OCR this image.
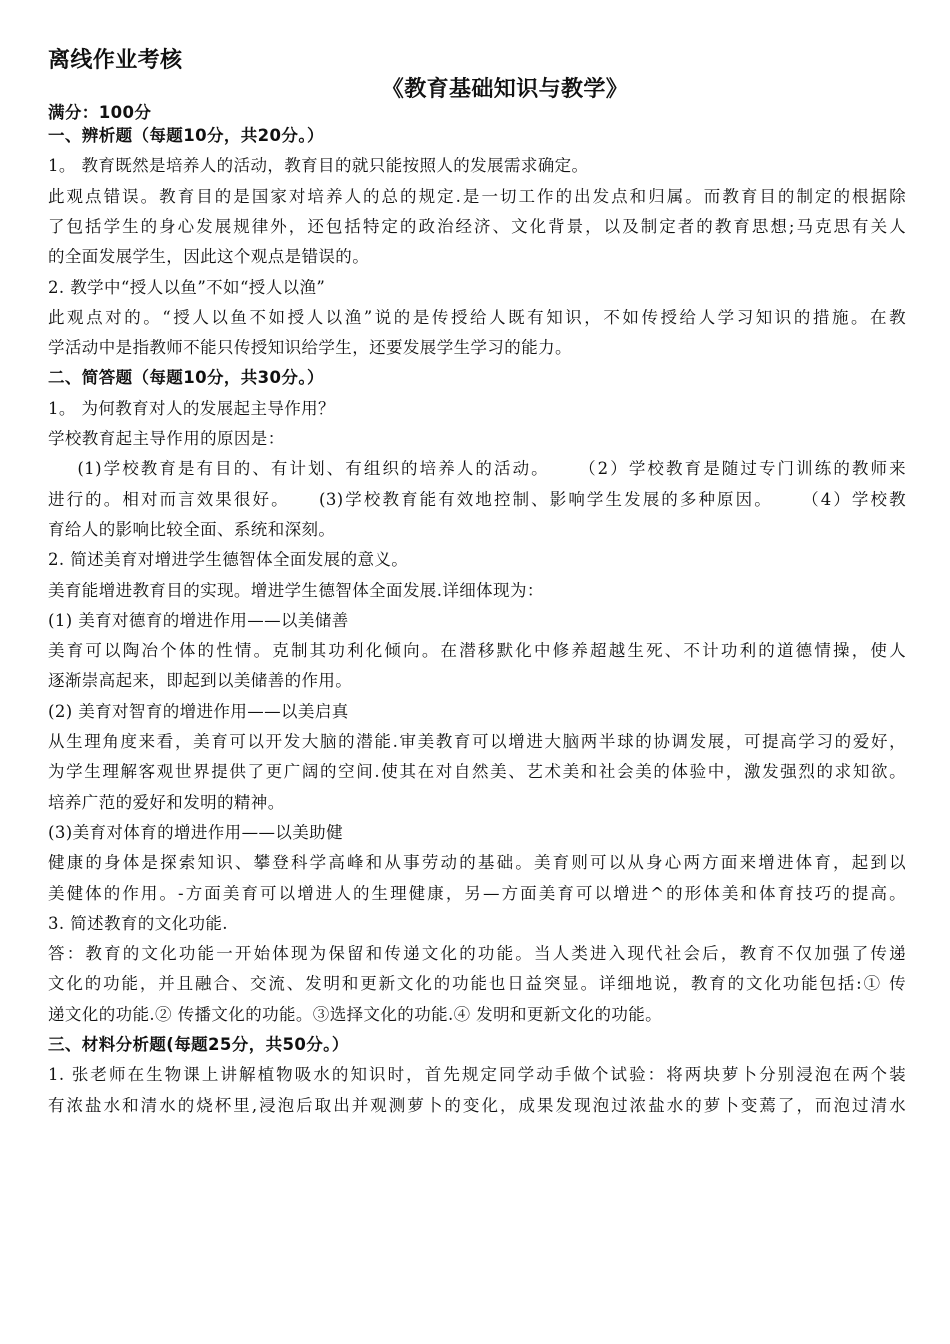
离线作业考核
《教育基础知识与教学》
满分：100分
一、辨析题（每题10分，共20分。）
1。 教育既然是培养人的活动，教育目的就只能按照人的发展需求确定。
此观点错误。教育目的是国家对培养人的总的规定.是一切工作的出发点和归属。而教育目的制定的根据除
了包括学生的身心发展规律外，还包括特定的政治经济、文化背景，以及制定者的教育思想;马克思有关人
的全面发展学生，因此这个观点是错误的。
2. 教学中“授人以鱼”不如“授人以渔”
此观点对的。“授人以鱼不如授人以渔”说的是传授给人既有知识，不如传授给人学习知识的措施。在教
学活动中是指教师不能只传授知识给学生，还要发展学生学习的能力。
二、简答题（每题10分，共30分。）
1。 为何教育对人的发展起主导作用？
学校教育起主导作用的原因是：
(1)学校教育是有目的、有计划、有组织的培养人的活动。    （2）学校教育是随过专门训练的教师来
进行的。相对而言效果很好。    (3)学校教育能有效地控制、影响学生发展的多种原因。    （4）学校教
育给人的影响比较全面、系统和深刻。
2. 简述美育对增进学生德智体全面发展的意义。
美育能增进教育目的实现。增进学生德智体全面发展.详细体现为：
(1) 美育对德育的增进作用——以美储善
美育可以陶冶个体的性情。克制其功利化倾向。在潜移默化中修养超越生死、不计功利的道德情操，使人
逐渐崇高起来，即起到以美储善的作用。
(2) 美育对智育的增进作用——以美启真
从生理角度来看，美育可以开发大脑的潜能.审美教育可以增进大脑两半球的协调发展，可提高学习的爱好，
为学生理解客观世界提供了更广阔的空间.使其在对自然美、艺术美和社会美的体验中，激发强烈的求知欲。
培养广范的爱好和发明的精神。
(3)美育对体育的增进作用——以美助健
健康的身体是探索知识、攀登科学高峰和从事劳动的基础。美育则可以从身心两方面来增进体育，起到以
美健体的作用。-方面美育可以增进人的生理健康，另—方面美育可以增进^的形体美和体育技巧的提高。
3. 简述教育的文化功能.
答：教育的文化功能一开始体现为保留和传递文化的功能。当人类进入现代社会后，教育不仅加强了传递
文化的功能，并且融合、交流、发明和更新文化的功能也日益突显。详细地说，教育的文化功能包括:① 传
递文化的功能.② 传播文化的功能。③选择文化的功能.④ 发明和更新文化的功能。
三、材料分析题(每题25分，共50分。）
1. 张老师在生物课上讲解植物吸水的知识时，首先规定同学动手做个试验：将两块萝卜分别浸泡在两个装
有浓盐水和清水的烧杯里,浸泡后取出并观测萝卜的变化，成果发现泡过浓盐水的萝卜变蔫了，而泡过清水
